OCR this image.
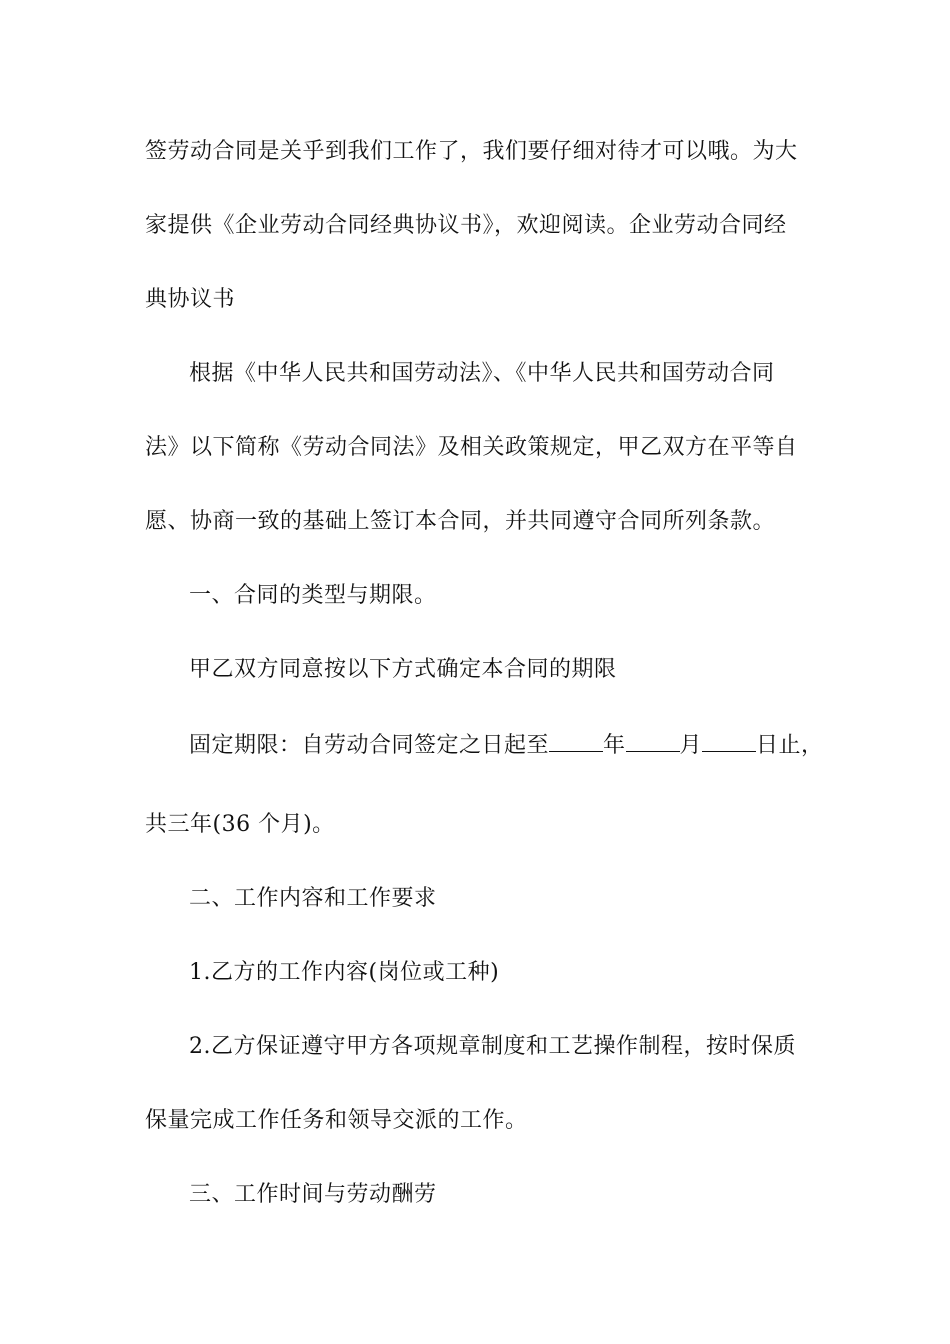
签劳动合同是关乎到我们工作了，我们要仔细对待才可以哦。为大
家提供《企业劳动合同经典协议书》，欢迎阅读。企业劳动合同经
典协议书
根据《中华人民共和国劳动法》、《中华人民共和国劳动合同
法》以下简称《劳动合同法》及相关政策规定，甲乙双方在平等自
愿、协商一致的基础上签订本合同，并共同遵守合同所列条款。
一、合同的类型与期限。
甲乙双方同意按以下方式确定本合同的期限
固定期限：自劳动合同签定之日起至 年 月 日止，
共三年(36 个月)。
二、工作内容和工作要求
1.乙方的工作内容(岗位或工种)
2.乙方保证遵守甲方各项规章制度和工艺操作制程，按时保质
保量完成工作任务和领导交派的工作。
三、工作时间与劳动酬劳
